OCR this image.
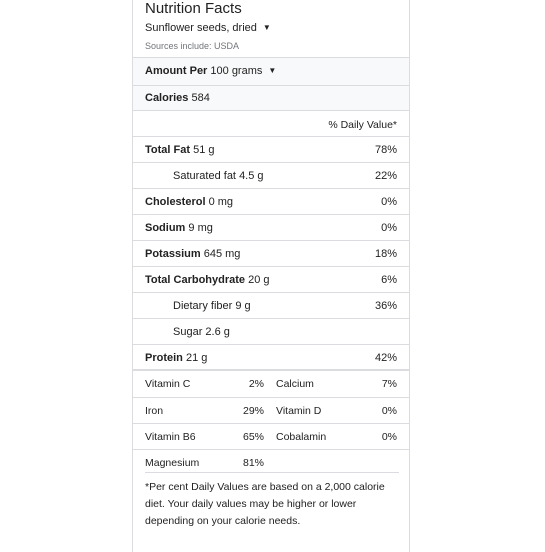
Nutrition Facts
Sunflower seeds, dried ▼
Sources include: USDA
Amount Per 100 grams ▼
Calories 584
% Daily Value*
Total Fat 51 g	78%
Saturated fat 4.5 g	22%
Cholesterol 0 mg	0%
Sodium 9 mg	0%
Potassium 645 mg	18%
Total Carbohydrate 20 g	6%
Dietary fiber 9 g	36%
Sugar 2.6 g
Protein 21 g	42%
Vitamin C	2% Calcium	7%
Iron	29% Vitamin D	0%
Vitamin B6	65% Cobalamin	0%
Magnesium	81%
*Per cent Daily Values are based on a 2,000 calorie diet. Your daily values may be higher or lower depending on your calorie needs.
